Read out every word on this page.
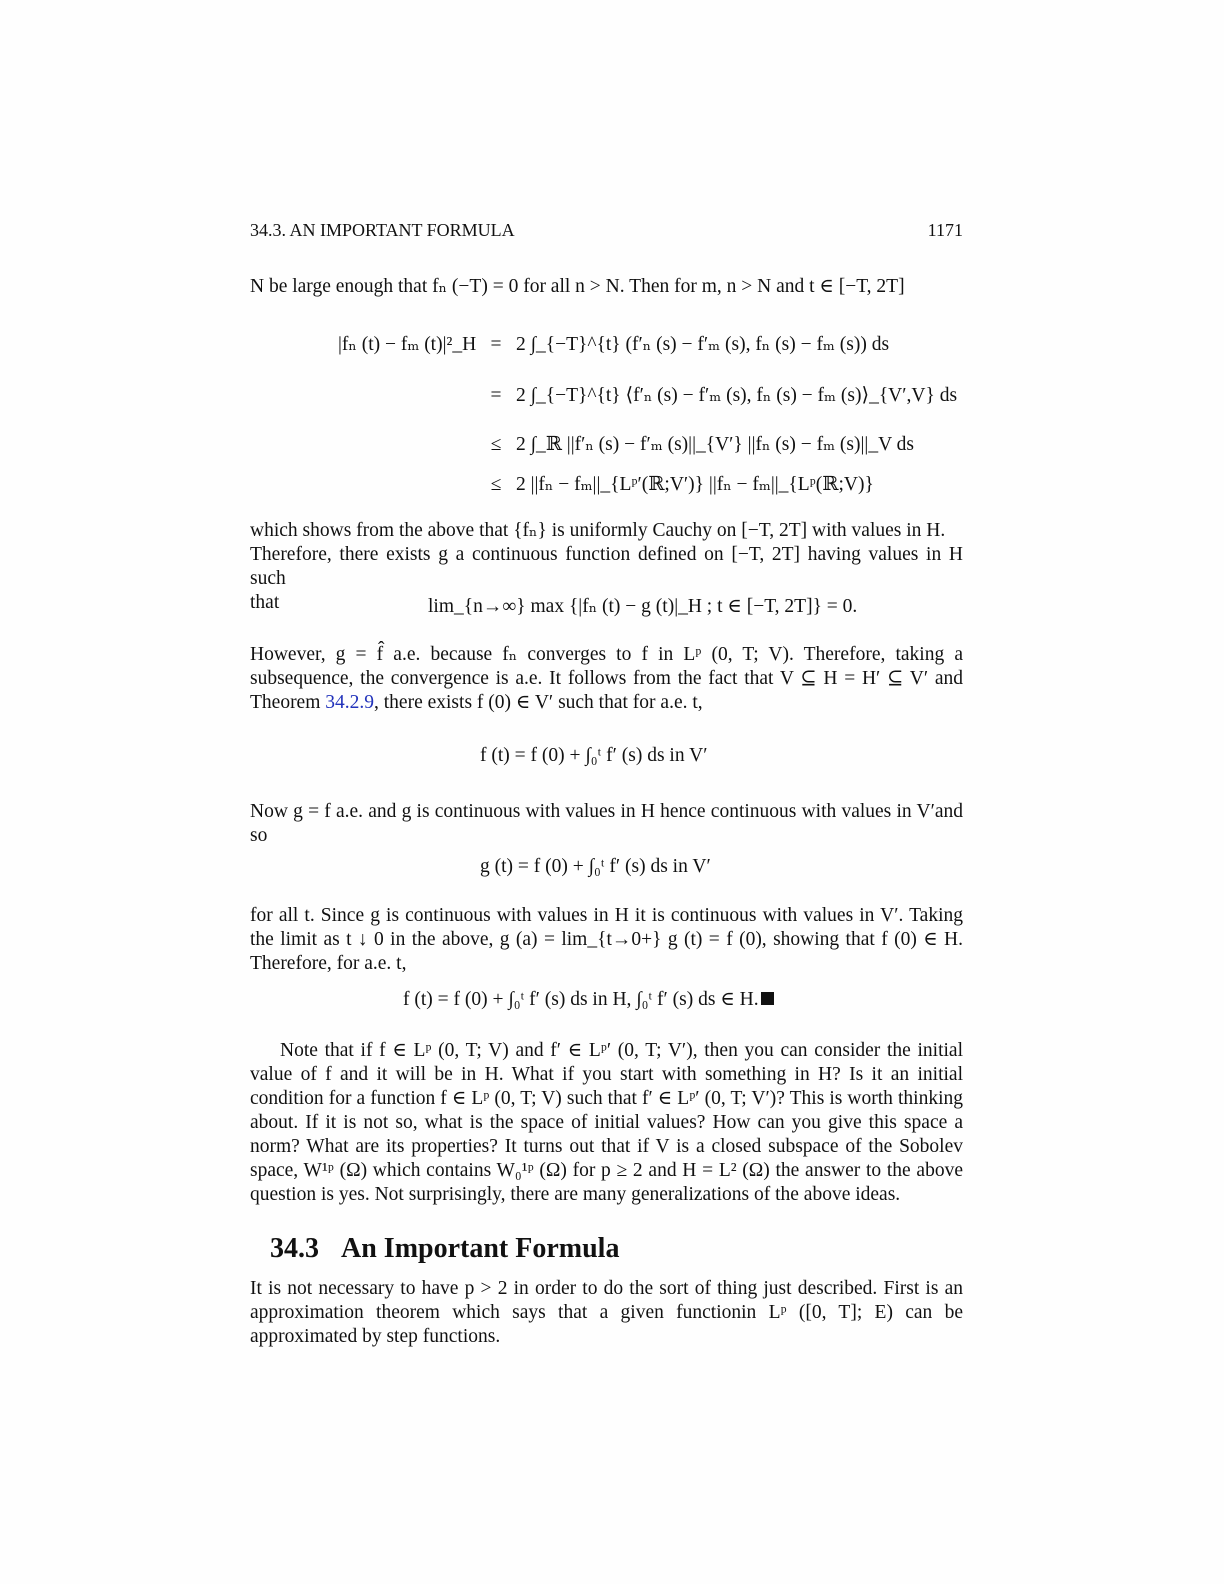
34.3. AN IMPORTANT FORMULA	1171
N be large enough that fₙ (−T) = 0 for all n > N. Then for m, n > N and t ∈ [−T, 2T]
|fₙ (t) − fₘ (t)|²_H = 2 ∫_{−T}^{t} (f′ₙ (s) − f′ₘ (s), fₙ (s) − fₘ (s)) ds
= 2 ∫_{−T}^{t} ⟨f′ₙ (s) − f′ₘ (s), fₙ (s) − fₘ (s)⟩_{V′,V} ds
≤ 2 ∫_ℝ ||f′ₙ (s) − f′ₘ (s)||_{V′} ||fₙ (s) − fₘ (s)||_V ds
≤ 2 ||fₙ − fₘ||_{Lᵖ′(ℝ;V′)} ||fₙ − fₘ||_{Lᵖ(ℝ;V)}
which shows from the above that {fₙ} is uniformly Cauchy on [−T, 2T] with values in H.
Therefore, there exists g a continuous function defined on [−T, 2T] having values in H such
that	lim_{n→∞} max {|fₙ (t) − g (t)|_H ; t ∈ [−T, 2T]} = 0.
However, g = f̂ a.e. because fₙ converges to f in Lᵖ (0, T; V). Therefore, taking a subsequence, the convergence is a.e. It follows from the fact that V ⊆ H = H′ ⊆ V′ and Theorem 34.2.9, there exists f (0) ∈ V′ such that for a.e. t,
f (t) = f (0) + ∫₀ᵗ f′ (s) ds in V′
Now g = f a.e. and g is continuous with values in H hence continuous with values in V′and so
g (t) = f (0) + ∫₀ᵗ f′ (s) ds in V′
for all t. Since g is continuous with values in H it is continuous with values in V′. Taking the limit as t ↓ 0 in the above, g (a) = lim_{t→0+} g (t) = f (0), showing that f (0) ∈ H. Therefore, for a.e. t,
f (t) = f (0) + ∫₀ᵗ f′ (s) ds in H, ∫₀ᵗ f′ (s) ds ∈ H.
Note that if f ∈ Lᵖ (0, T; V) and f′ ∈ Lᵖ′ (0, T; V′), then you can consider the initial value of f and it will be in H. What if you start with something in H? Is it an initial condition for a function f ∈ Lᵖ (0, T; V) such that f′ ∈ Lᵖ′ (0, T; V′)? This is worth thinking about. If it is not so, what is the space of initial values? How can you give this space a norm? What are its properties? It turns out that if V is a closed subspace of the Sobolev space, W¹ᵖ (Ω) which contains W₀¹ᵖ (Ω) for p ≥ 2 and H = L² (Ω) the answer to the above question is yes. Not surprisingly, there are many generalizations of the above ideas.
34.3 An Important Formula
It is not necessary to have p > 2 in order to do the sort of thing just described. First is an approximation theorem which says that a given functionin Lᵖ ([0, T]; E) can be approximated by step functions.
